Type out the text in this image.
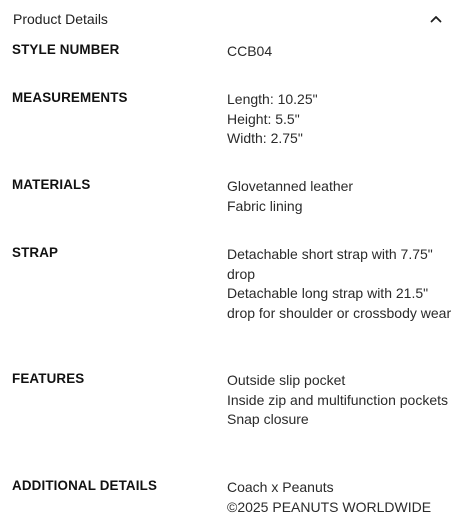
Product Details
STYLE NUMBER	CCB04
MEASUREMENTS	Length: 10.25"
Height: 5.5"
Width: 2.75"
MATERIALS	Glovetanned leather
Fabric lining
STRAP	Detachable short strap with 7.75" drop
Detachable long strap with 21.5" drop for shoulder or crossbody wear
FEATURES	Outside slip pocket
Inside zip and multifunction pockets
Snap closure
ADDITIONAL DETAILS	Coach x Peanuts
©2025 PEANUTS WORLDWIDE
